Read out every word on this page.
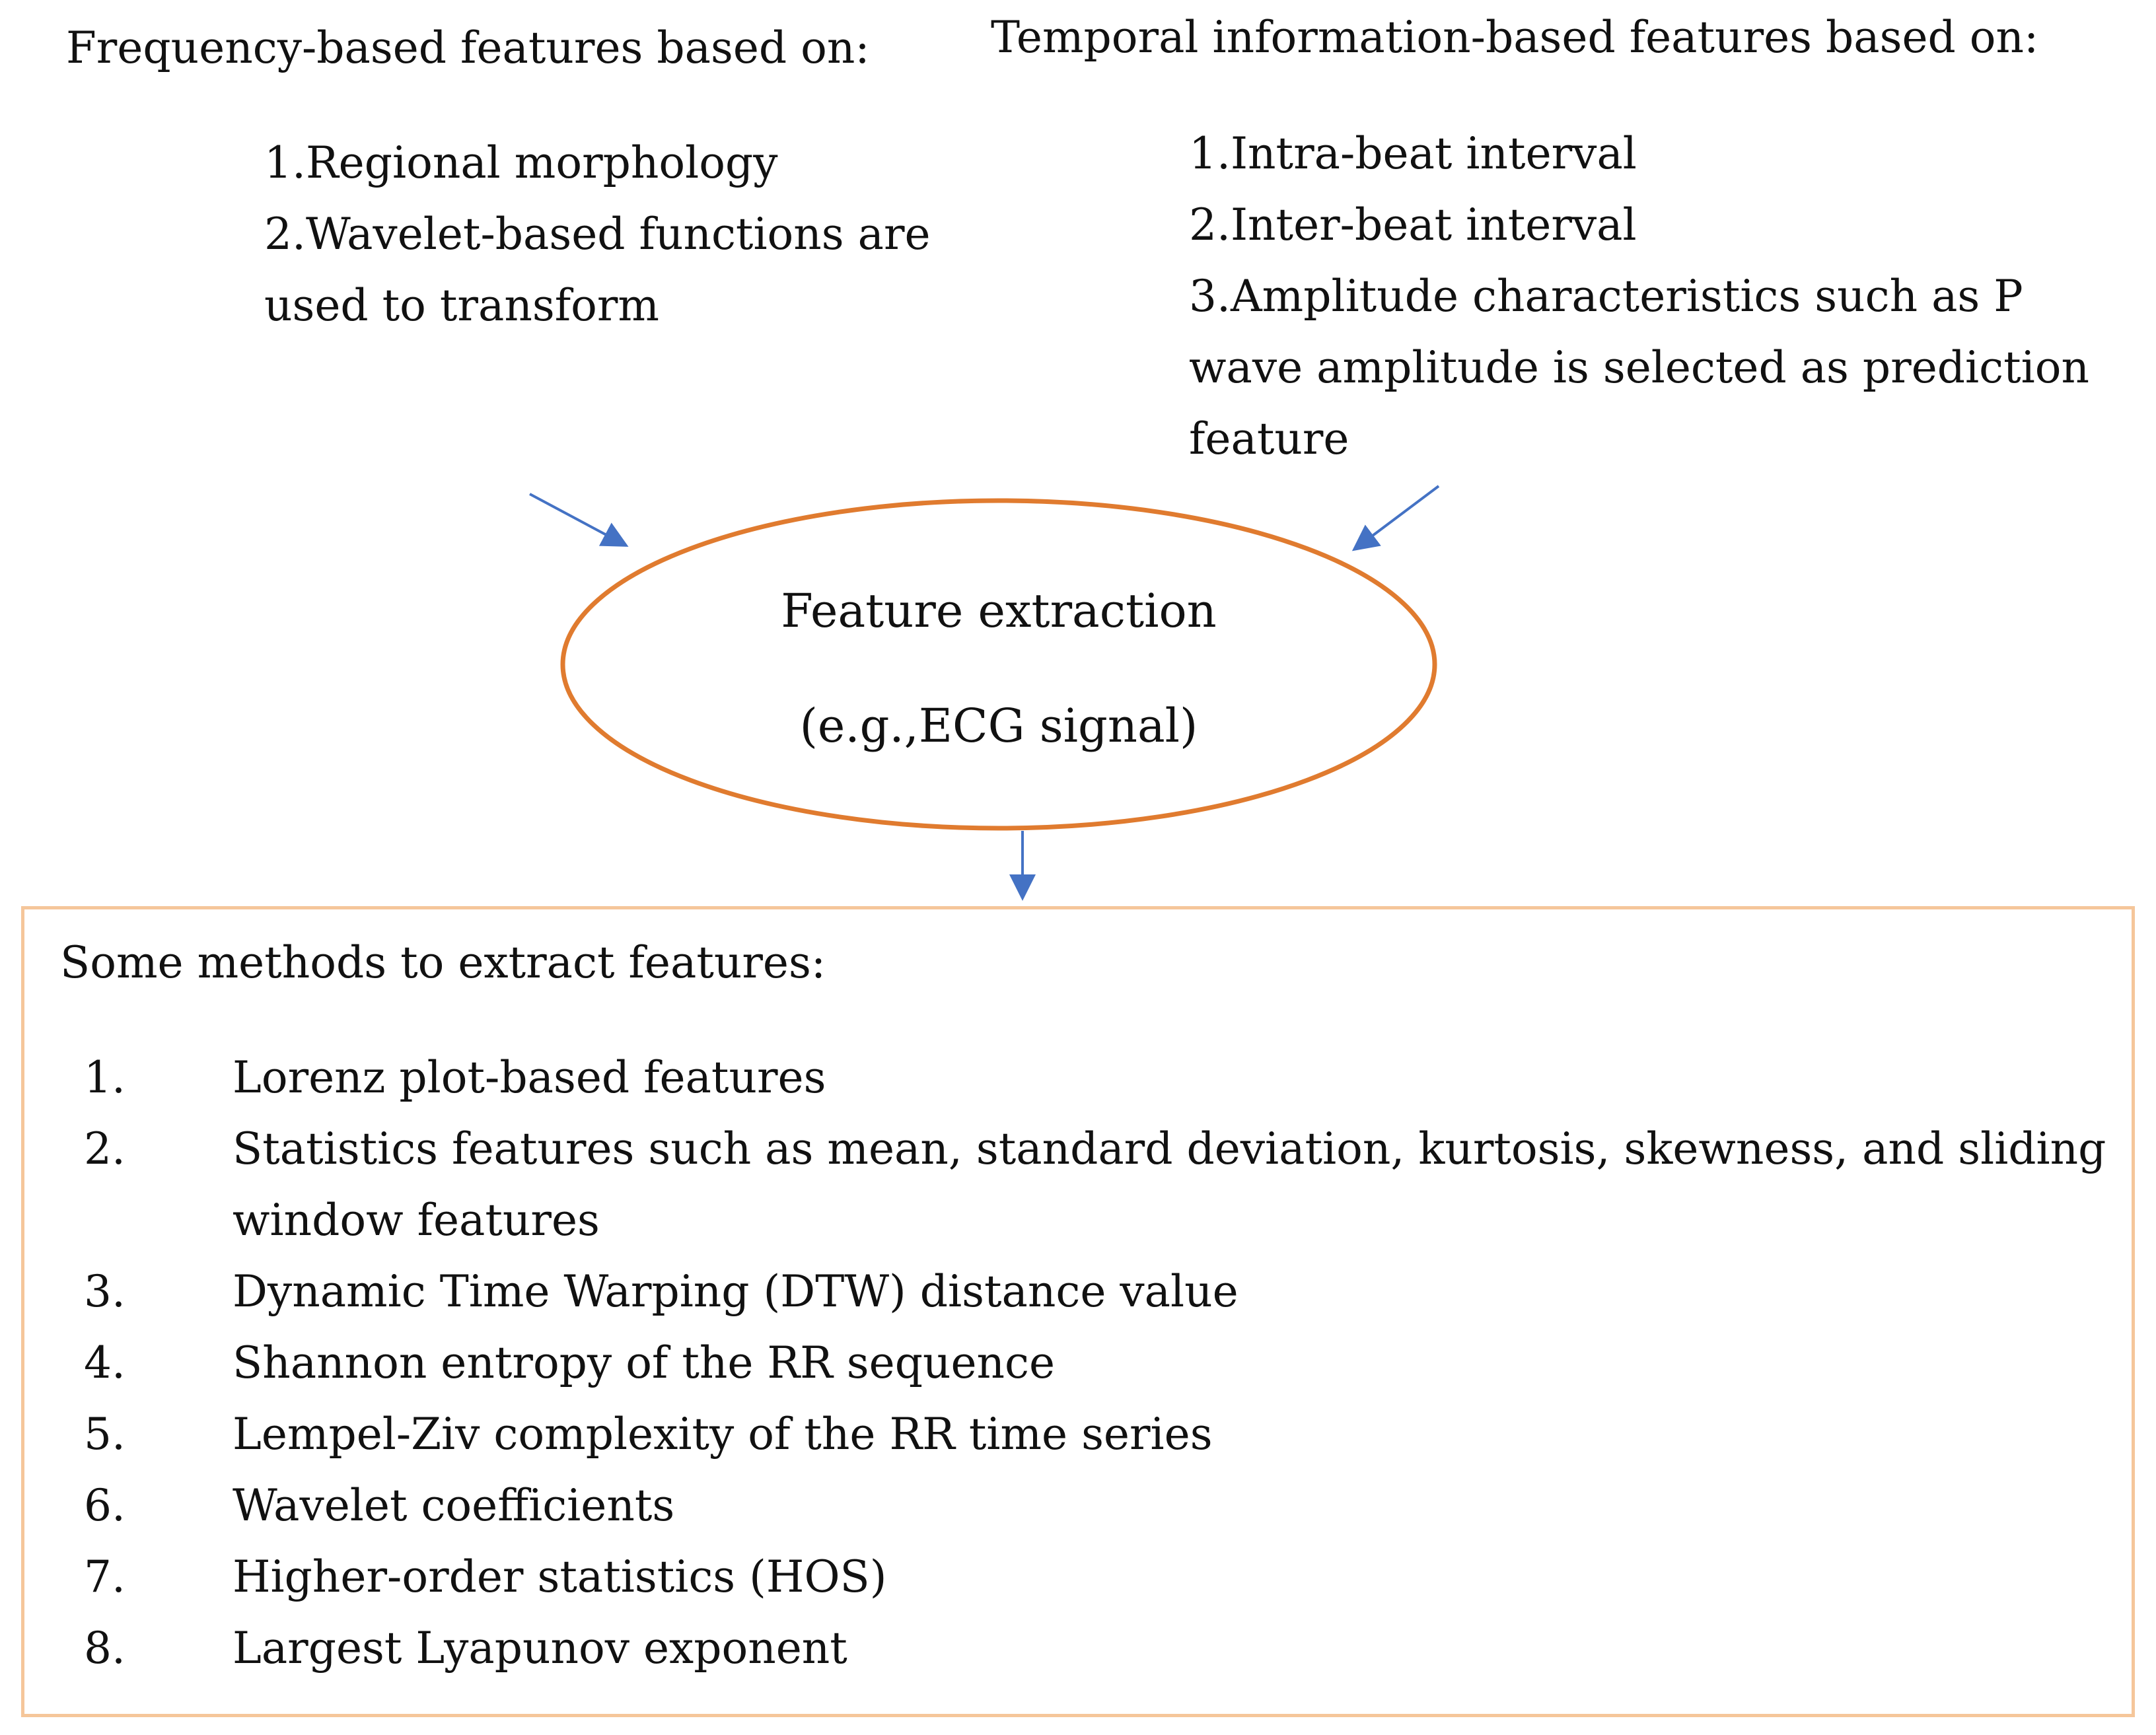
Frequency-based features based on:
1.Regional morphology
2.Wavelet-based functions are
used to transform
Temporal information-based features based on:
1.Intra-beat interval
2.Inter-beat interval
3.Amplitude characteristics such as P
wave amplitude is selected as prediction
feature
Feature extraction
(e.g.,ECG signal)
Some methods to extract features:
1. Lorenz plot-based features
2. Statistics features such as mean, standard deviation, kurtosis, skewness, and sliding
window features
3. Dynamic Time Warping (DTW) distance value
4. Shannon entropy of the RR sequence
5. Lempel-Ziv complexity of the RR time series
6. Wavelet coefficients
7. Higher-order statistics (HOS)
8. Largest Lyapunov exponent
